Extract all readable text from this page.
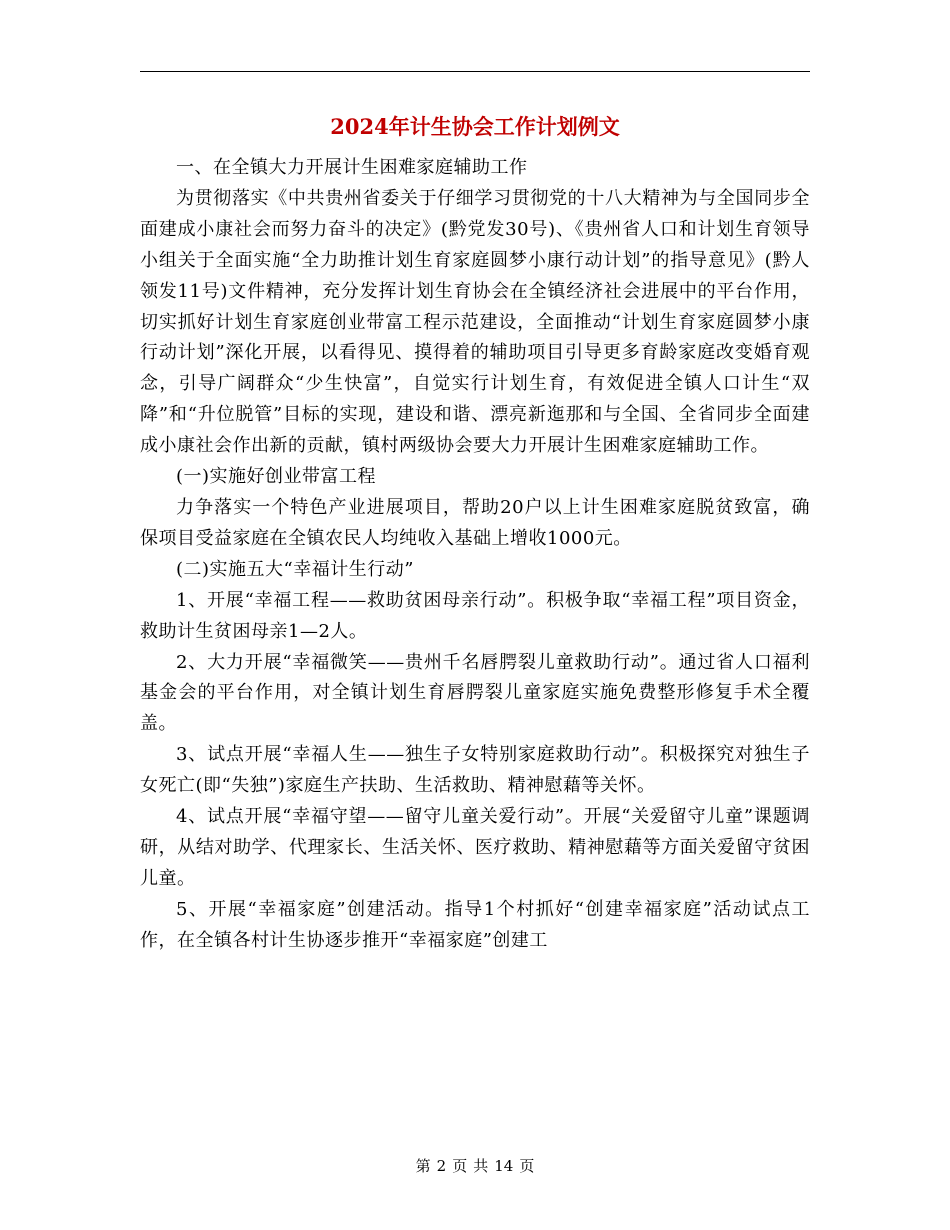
2024年计生协会工作计划例文

一、在全镇大力开展计生困难家庭辅助工作

为贯彻落实《中共贵州省委关于仔细学习贯彻党的十八大精神为与全国同步全面建成小康社会而努力奋斗的决定》(黔党发30号)、《贵州省人口和计划生育领导小组关于全面实施“全力助推计划生育家庭圆梦小康行动计划”的指导意见》(黔人领发11号)文件精神，充分发挥计划生育协会在全镇经济社会进展中的平台作用，切实抓好计划生育家庭创业带富工程示范建设，全面推动“计划生育家庭圆梦小康行动计划”深化开展，以看得见、摸得着的辅助项目引导更多育龄家庭改变婚育观念，引导广阔群众“少生快富”，自觉实行计划生育，有效促进全镇人口计生“双降”和“升位脱管”目标的实现，建设和谐、漂亮新迤那和与全国、全省同步全面建成小康社会作出新的贡献，镇村两级协会要大力开展计生困难家庭辅助工作。

(一)实施好创业带富工程

力争落实一个特色产业进展项目，帮助20户以上计生困难家庭脱贫致富，确保项目受益家庭在全镇农民人均纯收入基础上增收1000元。

(二)实施五大“幸福计生行动”

1、开展“幸福工程——救助贫困母亲行动”。积极争取“幸福工程”项目资金，救助计生贫困母亲1—2人。

2、大力开展“幸福微笑——贵州千名唇腭裂儿童救助行动”。通过省人口福利基金会的平台作用，对全镇计划生育唇腭裂儿童家庭实施免费整形修复手术全覆盖。

3、试点开展“幸福人生——独生子女特别家庭救助行动”。积极探究对独生子女死亡(即“失独”)家庭生产扶助、生活救助、精神慰藉等关怀。

4、试点开展“幸福守望——留守儿童关爱行动”。开展“关爱留守儿童”课题调研，从结对助学、代理家长、生活关怀、医疗救助、精神慰藉等方面关爱留守贫困儿童。

5、开展“幸福家庭”创建活动。指导1个村抓好“创建幸福家庭”活动试点工作，在全镇各村计生协逐步推开“幸福家庭”创建工

第 2 页 共 14 页
